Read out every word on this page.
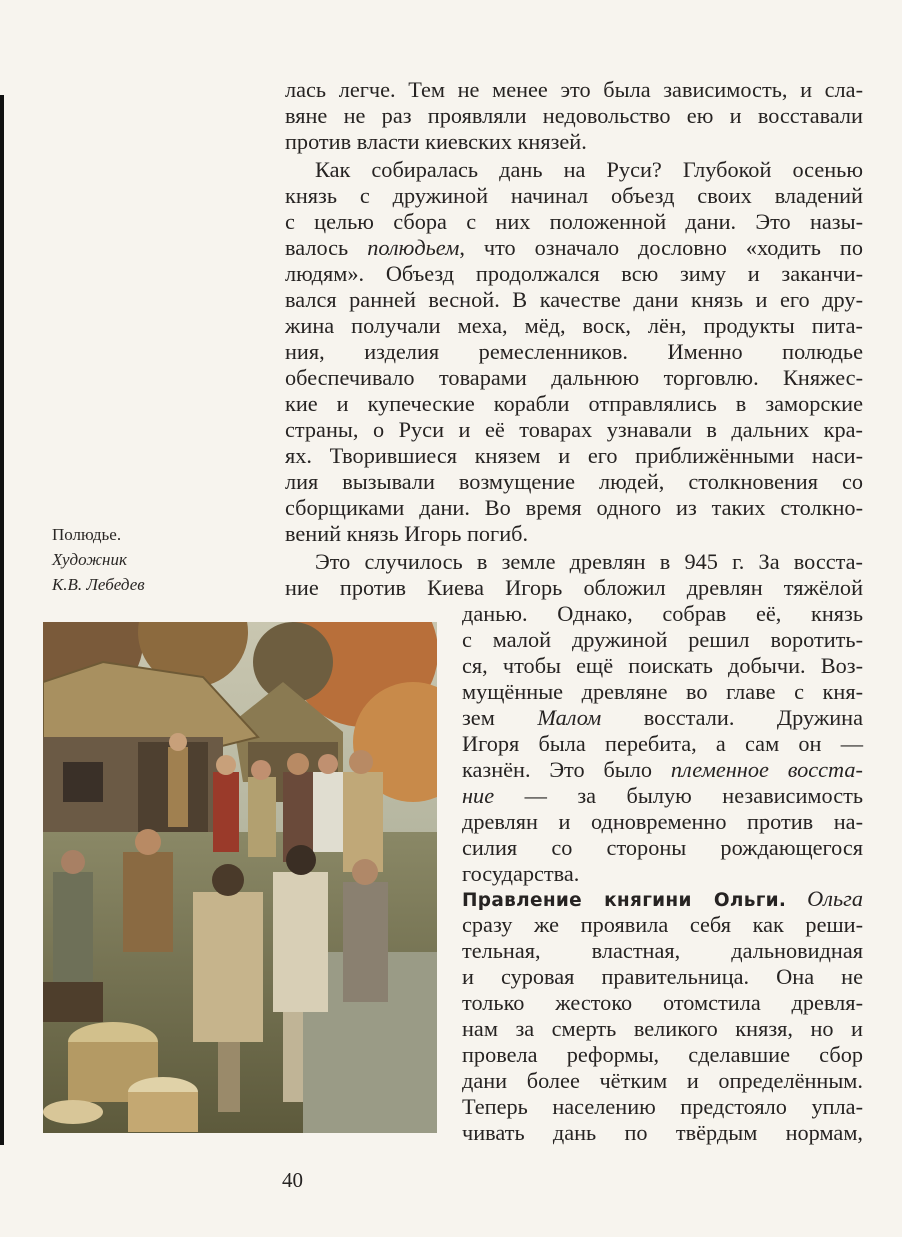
лась легче. Тем не менее это была зависимость, и сла-

вяне не раз проявляли недовольство ею и восставали

против власти киевских князей.

Как собиралась дань на Руси? Глубокой осенью

князь с дружиной начинал объезд своих владений

с целью сбора с них положенной дани. Это назы-

валось полюдьем, что означало дословно «ходить по

людям». Объезд продолжался всю зиму и заканчи-

вался ранней весной. В качестве дани князь и его дру-

жина получали меха, мёд, воск, лён, продукты пита-

ния, изделия ремесленников. Именно полюдье

обеспечивало товарами дальнюю торговлю. Княжес-

кие и купеческие корабли отправлялись в заморские

страны, о Руси и её товарах узнавали в дальних кра-

ях. Творившиеся князем и его приближёнными наси-

лия вызывали возмущение людей, столкновения со

сборщиками дани. Во время одного из таких столкно-

вений князь Игорь погиб.

Это случилось в земле древлян в 945 г. За восста-

ние против Киева Игорь обложил древлян тяжёлой

данью. Однако, собрав её, князь

с малой дружиной решил воротить-

ся, чтобы ещё поискать добычи. Воз-

мущённые древляне во главе с кня-

зем Малом восстали. Дружина

Игоря была перебита, а сам он —

казнён. Это было племенное восста-

ние — за былую независимость

древлян и одновременно против на-

силия со стороны рождающегося

государства.

Правление княгини Ольги. Ольга

сразу же проявила себя как реши-

тельная, властная, дальновидная

и суровая правительница. Она не

только жестоко отомстила древля-

нам за смерть великого князя, но и

провела реформы, сделавшие сбор

дани более чётким и определённым.

Теперь населению предстояло упла-

чивать дань по твёрдым нормам,

Полюдье.
Художник
К.В. Лебедев
40
